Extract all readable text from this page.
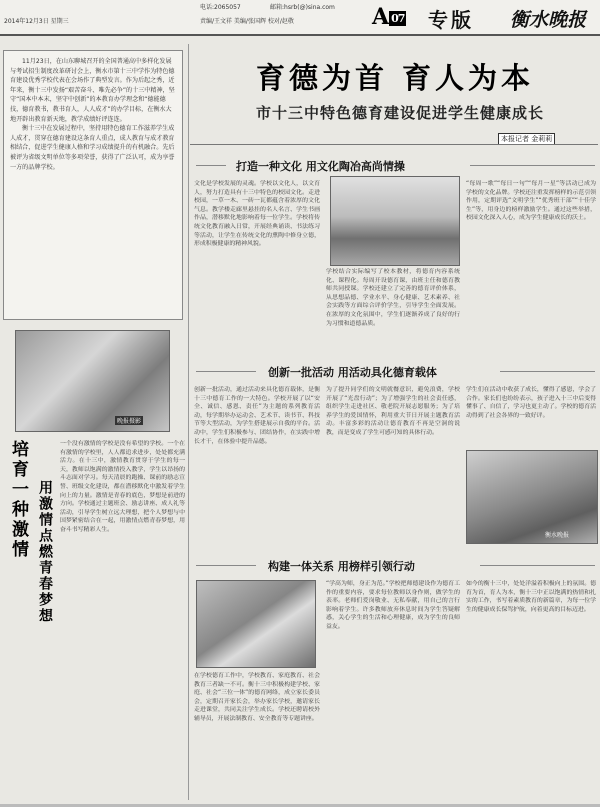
2014年12月3日 星期三
电话:2065057	邮箱:hsrb(@)sina.com
责编/王文祥 美编/张国辉 校对/赵敬	A 07 专版 衡水晚报
11月23日，在山东聊城召开的全国普通高中多样化发展与考试招生制度改革研讨会上，衡水市第十三中学作为特色德育建设优秀学校代表在会场作了典型发言。作为后起之秀，近年来，衡十三中发扬“艰苦奋斗、唯先必争”的十三中精神，坚守“国本中本末，坚守中创新”的本教育办学理念和“德能德技，德育教书，教书育人，人人成才”的办学目标，在衡水大地开辟出教育新天地，教学成绩好评连连。
衡十三中在发展过程中，坚持用特色德育工作滋养学生成人成才，贯穿在德育建设这条育人重点，成人教育与成才教育相结合，促进学生健康人格和学习成绩提升的有机融合。先后被评为省级文明单位等多项荣誉，获得了广泛认可，成为享誉一方的品牌学校。
晚报摄影
培育一种激情 用激情点燃青春梦想
一个没有激情的学校是没有希望的学校。一个在有激情的学校里，人人都追求进步，处处都充满活力。在十三中，激情教育贯穿于学生的每一天，教师以饱满的激情投入教学，学生以昂扬的斗志面对学习。每天清晨的跑操、课前的励志宣誓、班级文化建设，都在潜移默化中激发着学生向上的力量。激情是青春的底色，梦想是前进的方向。学校通过主题班会、励志讲座、成人礼等活动，引导学生树立远大理想，把个人梦想与中国梦紧密结合在一起，用激情点燃青春梦想，用奋斗书写精彩人生。
育德为首 育人为本
市十三中特色德育建设促进学生健康成长
本报记者 金莉莉
打造一种文化 用文化陶冶高尚情操
文化是学校发展的灵魂。学校以文化人，以文育人，努力打造具有十三中特色的校园文化。走进校园，一草一木、一砖一瓦都蕴含着浓厚的文化气息。教学楼走廊里悬挂的名人名言、学生书画作品，潜移默化地影响着每一位学生。学校将传统文化教育融入日常，开展经典诵读、书法练习等活动，让学生在传统文化的熏陶中修身立德，形成积极健康的精神风貌。
学校结合实际编写了校本教材，将德育内容系统化、课程化。每周开设德育课，由班主任和德育教师共同授课。学校还建立了完善的德育评价体系，从思想品德、学业水平、身心健康、艺术素养、社会实践等方面综合评价学生，引导学生全面发展。在浓厚的文化氛围中，学生们逐渐养成了良好的行为习惯和道德品质。
“每周一歌”“每日一句”“每月一星”等活动已成为学校的文化品牌。学校还注重发挥榜样的示范引领作用，定期评选“文明学生”“优秀班干部”“十佳学生”等，用身边的榜样激励学生。通过这些举措，校园文化深入人心，成为学生健康成长的沃土。
创新一批活动 用活动具化德育载体
创新一批活动，通过活动来具化德育载体，是衡十三中德育工作的一大特色。学校开展了以“安全、诚信、感恩、责任”为主题的系列教育活动，每学期举办运动会、艺术节、读书节、科技节等大型活动，为学生搭建展示自我的平台。活动中，学生们积极参与、团结协作，在实践中增长才干，在体验中提升品德。
为了提升同学们的文明就餐意识，避免浪费，学校开展了“光盘行动”；为了增强学生的社会责任感，组织学生走进社区、敬老院开展志愿服务；为了培养学生的爱国情怀，利用重大节日开展主题教育活动。丰富多彩的活动让德育教育不再是空洞的说教，而是变成了学生可感可知的具体行动。
学生们在活动中收获了成长，懂得了感恩，学会了合作。家长们也纷纷表示，孩子进入十三中后变得懂事了、自信了，学习也更主动了。学校的德育活动得到了社会各界的一致好评。
衡水晚报
构建一体关系 用榜样引领行动
在学校德育工作中，学校教育、家庭教育、社会教育三者缺一不可。衡十三中积极构建学校、家庭、社会“三位一体”的德育网络，成立家长委员会，定期召开家长会，举办家长学校，邀请家长走进课堂，共同关注学生成长。学校还聘请校外辅导员，开展法制教育、安全教育等专题讲座。
“学高为师，身正为范。”学校把师德建设作为德育工作的重要内容，要求每位教师以身作则，做学生的表率。老师们爱岗敬业、无私奉献，用自己的言行影响着学生。许多教师放弃休息时间为学生答疑解惑，关心学生的生活和心理健康，成为学生的良师益友。
如今的衡十三中，处处洋溢着积极向上的氛围。德育为首，育人为本，衡十三中正以饱满的热情和扎实的工作，书写着素质教育的新篇章，为每一位学生的健康成长保驾护航，向着更高的目标迈进。
